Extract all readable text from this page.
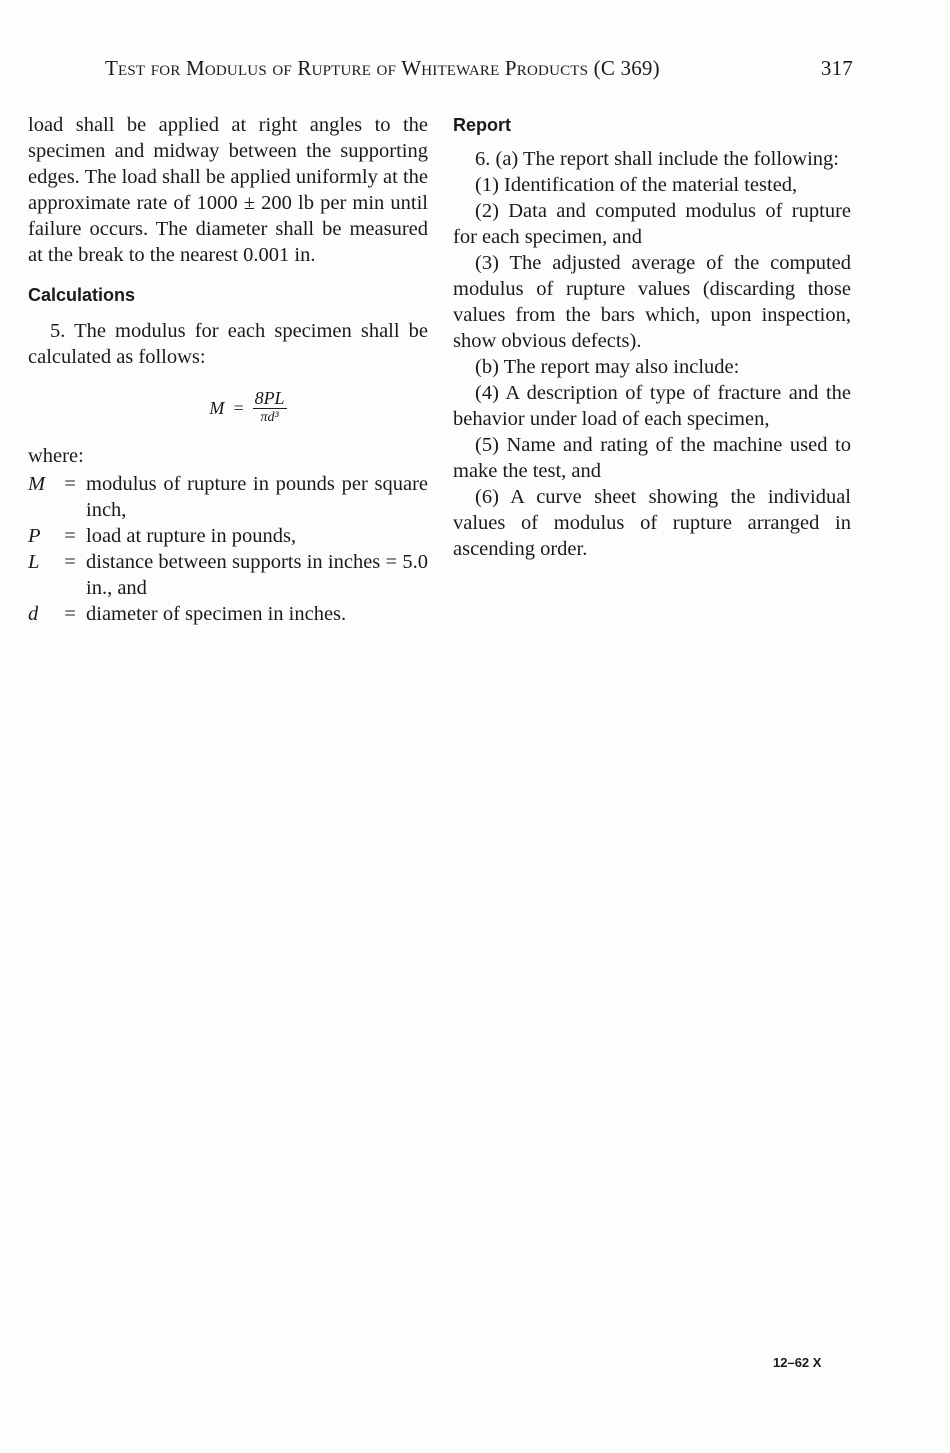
Test for Modulus of Rupture of Whiteware Products (C 369)	317

load shall be applied at right angles to the specimen and midway between the supporting edges. The load shall be applied uniformly at the approximate rate of 1000 ± 200 lb per min until failure occurs. The diameter shall be measured at the break to the nearest 0.001 in.

Calculations

5. The modulus for each specimen shall be calculated as follows:

$M = \frac{8PL}{\text{πd³}}$
where:
M = modulus of rupture in pounds per square inch,
P	= load at rupture in pounds,
L	= distance between supports in inches = 5.0 in., and
d	= diameter of specimen in inches.
Report

6. (a) The report shall include the following:

(1) Identification of the material tested,

(2) Data and computed modulus of rupture for each specimen, and

(3) The adjusted average of the computed modulus of rupture values (discarding those values from the bars which, upon inspection, show obvious defects).

(b) The report may also include:

(4) A description of type of fracture and the behavior under load of each specimen,

(5) Name and rating of the machine used to make the test, and

(6) A curve sheet showing the individual values of modulus of rupture arranged in ascending order.

12–62 X
